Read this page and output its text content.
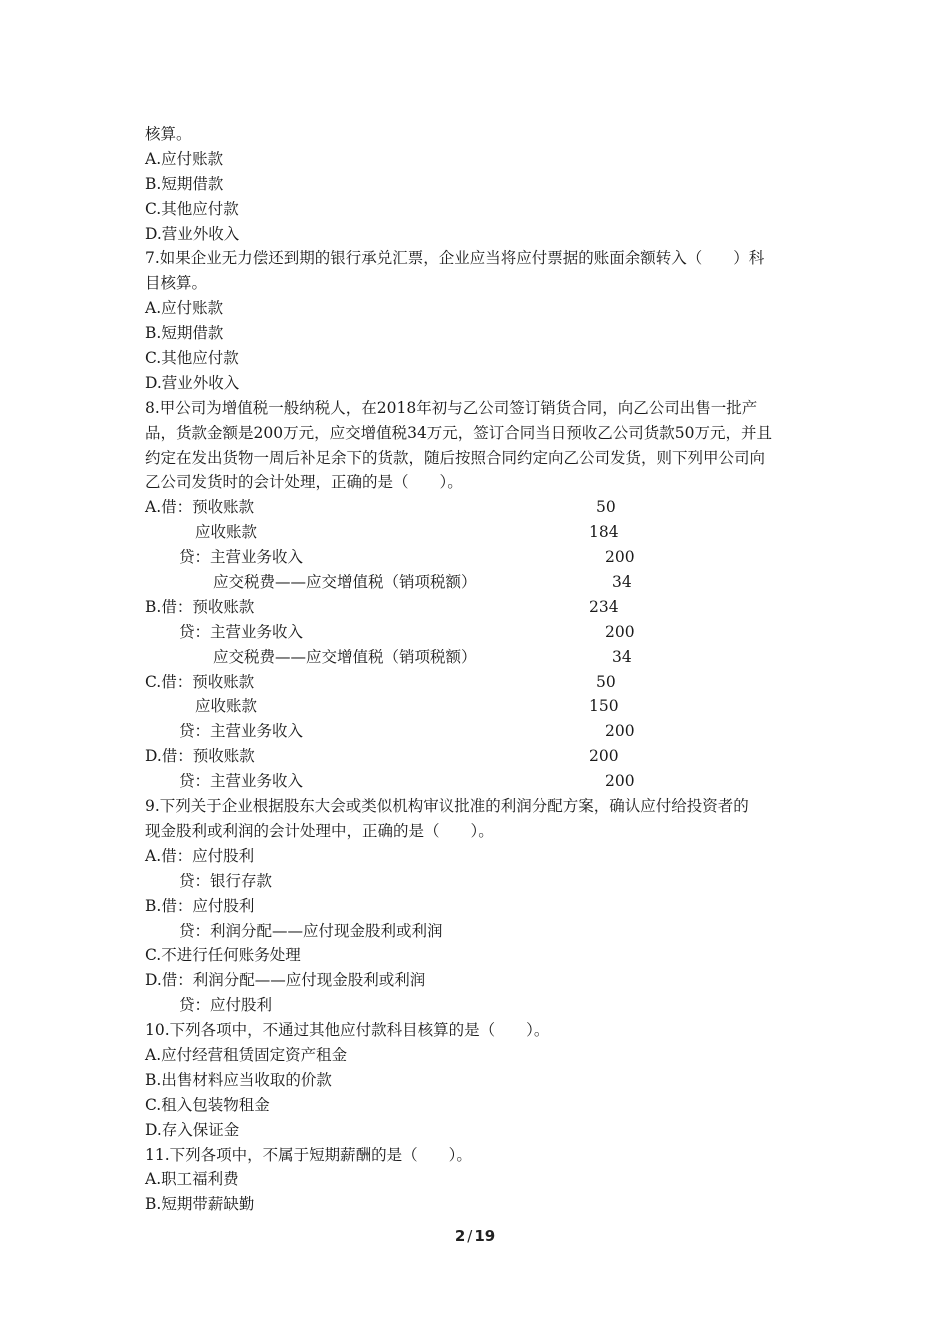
核算。
A.应付账款
B.短期借款
C.其他应付款
D.营业外收入
7.如果企业无力偿还到期的银行承兑汇票，企业应当将应付票据的账面余额转入（　　）科
目核算。
A.应付账款
B.短期借款
C.其他应付款
D.营业外收入
8.甲公司为增值税一般纳税人，在2018年初与乙公司签订销货合同，向乙公司出售一批产
品，货款金额是200万元，应交增值税34万元，签订合同当日预收乙公司货款50万元，并且
约定在发出货物一周后补足余下的货款，随后按照合同约定向乙公司发货，则下列甲公司向
乙公司发货时的会计处理，正确的是（　　）。
A.借：预收账款	50
应收账款	184
贷：主营业务收入	200
应交税费——应交增值税（销项税额）	34
B.借：预收账款	234
贷：主营业务收入	200
应交税费——应交增值税（销项税额）	34
C.借：预收账款	50
应收账款	150
贷：主营业务收入	200
D.借：预收账款	200
贷：主营业务收入	200
9.下列关于企业根据股东大会或类似机构审议批准的利润分配方案，确认应付给投资者的
现金股利或利润的会计处理中，正确的是（　　）。
A.借：应付股利
贷：银行存款
B.借：应付股利
贷：利润分配——应付现金股利或利润
C.不进行任何账务处理
D.借：利润分配——应付现金股利或利润
贷：应付股利
10.下列各项中，不通过其他应付款科目核算的是（　　）。
A.应付经营租赁固定资产租金
B.出售材料应当收取的价款
C.租入包装物租金
D.存入保证金
11.下列各项中，不属于短期薪酬的是（　　）。
A.职工福利费
B.短期带薪缺勤
2 / 19
